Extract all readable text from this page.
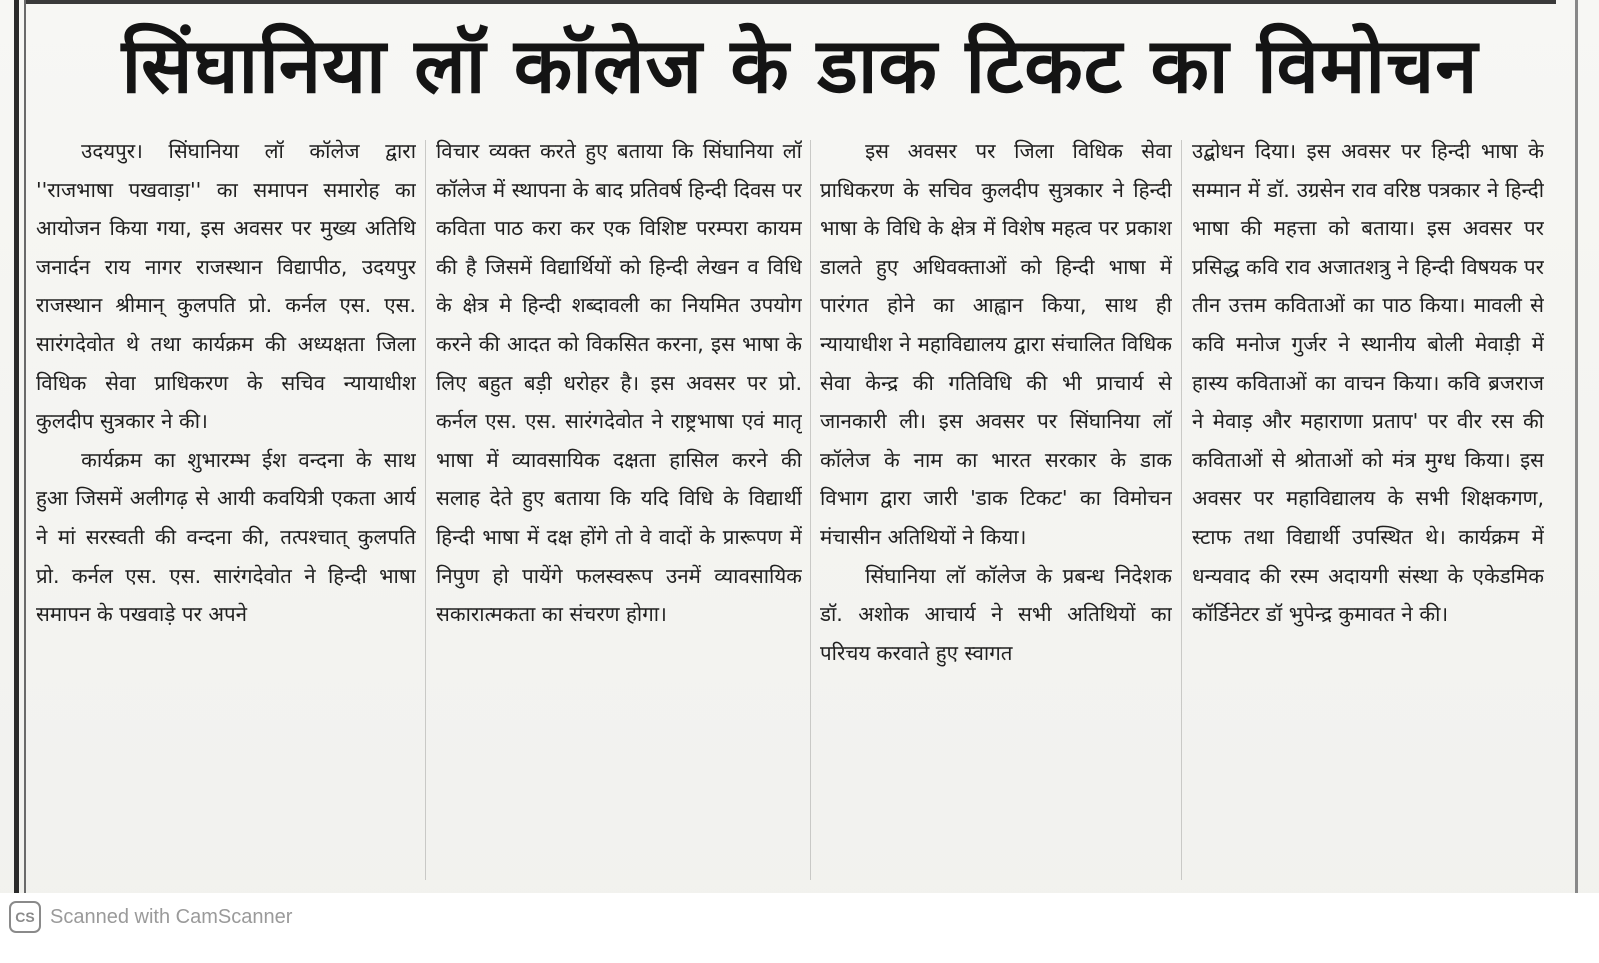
सिंघानिया लॉ कॉलेज के डाक टिकट का विमोचन

उदयपुर। सिंघानिया लॉ कॉलेज द्वारा ''राजभाषा पखवाड़ा'' का समापन समारोह का आयोजन किया गया, इस अवसर पर मुख्य अतिथि जनार्दन राय नागर राजस्थान विद्यापीठ, उदयपुर राजस्थान श्रीमान् कुलपति प्रो. कर्नल एस. एस. सारंगदेवोत थे तथा कार्यक्रम की अध्यक्षता जिला विधिक सेवा प्राधिकरण के सचिव न्यायाधीश कुलदीप सुत्रकार ने की।

कार्यक्रम का शुभारम्भ ईश वन्दना के साथ हुआ जिसमें अलीगढ़ से आयी कवयित्री एकता आर्य ने मां सरस्वती की वन्दना की, तत्पश्चात् कुलपति प्रो. कर्नल एस. एस. सारंगदेवोत ने हिन्दी भाषा समापन के पखवाड़े पर अपने

विचार व्यक्त करते हुए बताया कि सिंघानिया लॉ कॉलेज में स्थापना के बाद प्रतिवर्ष हिन्दी दिवस पर कविता पाठ करा कर एक विशिष्ट परम्परा कायम की है जिसमें विद्यार्थियों को हिन्दी लेखन व विधि के क्षेत्र मे हिन्दी शब्दावली का नियमित उपयोग करने की आदत को विकसित करना, इस भाषा के लिए बहुत बड़ी धरोहर है। इस अवसर पर प्रो. कर्नल एस. एस. सारंगदेवोत ने राष्ट्रभाषा एवं मातृ भाषा में व्यावसायिक दक्षता हासिल करने की सलाह देते हुए बताया कि यदि विधि के विद्यार्थी हिन्दी भाषा में दक्ष होंगे तो वे वादों के प्रारूपण में निपुण हो पायेंगे फलस्वरूप उनमें व्यावसायिक सकारात्मकता का संचरण होगा।

इस अवसर पर जिला विधिक सेवा प्राधिकरण के सचिव कुलदीप सुत्रकार ने हिन्दी भाषा के विधि के क्षेत्र में विशेष महत्व पर प्रकाश डालते हुए अधिवक्ताओं को हिन्दी भाषा में पारंगत होने का आह्वान किया, साथ ही न्यायाधीश ने महाविद्यालय द्वारा संचालित विधिक सेवा केन्द्र की गतिविधि की भी प्राचार्य से जानकारी ली। इस अवसर पर सिंघानिया लॉ कॉलेज के नाम का भारत सरकार के डाक विभाग द्वारा जारी 'डाक टिकट' का विमोचन मंचासीन अतिथियों ने किया।

सिंघानिया लॉ कॉलेज के प्रबन्ध निदेशक डॉ. अशोक आचार्य ने सभी अतिथियों का परिचय करवाते हुए स्वागत

उद्बोधन दिया। इस अवसर पर हिन्दी भाषा के सम्मान में डॉ. उग्रसेन राव वरिष्ठ पत्रकार ने हिन्दी भाषा की महत्ता को बताया। इस अवसर पर प्रसिद्ध कवि राव अजातशत्रु ने हिन्दी विषयक पर तीन उत्तम कविताओं का पाठ किया। मावली से कवि मनोज गुर्जर ने स्थानीय बोली मेवाड़ी में हास्य कविताओं का वाचन किया। कवि ब्रजराज ने मेवाड़ और महाराणा प्रताप' पर वीर रस की कविताओं से श्रोताओं को मंत्र मुग्ध किया। इस अवसर पर महाविद्यालय के सभी शिक्षकगण, स्टाफ तथा विद्यार्थी उपस्थित थे। कार्यक्रम में धन्यवाद की रस्म अदायगी संस्था के एकेडमिक कॉर्डिनेटर डॉ भुपेन्द्र कुमावत ने की।

CS Scanned with CamScanner
